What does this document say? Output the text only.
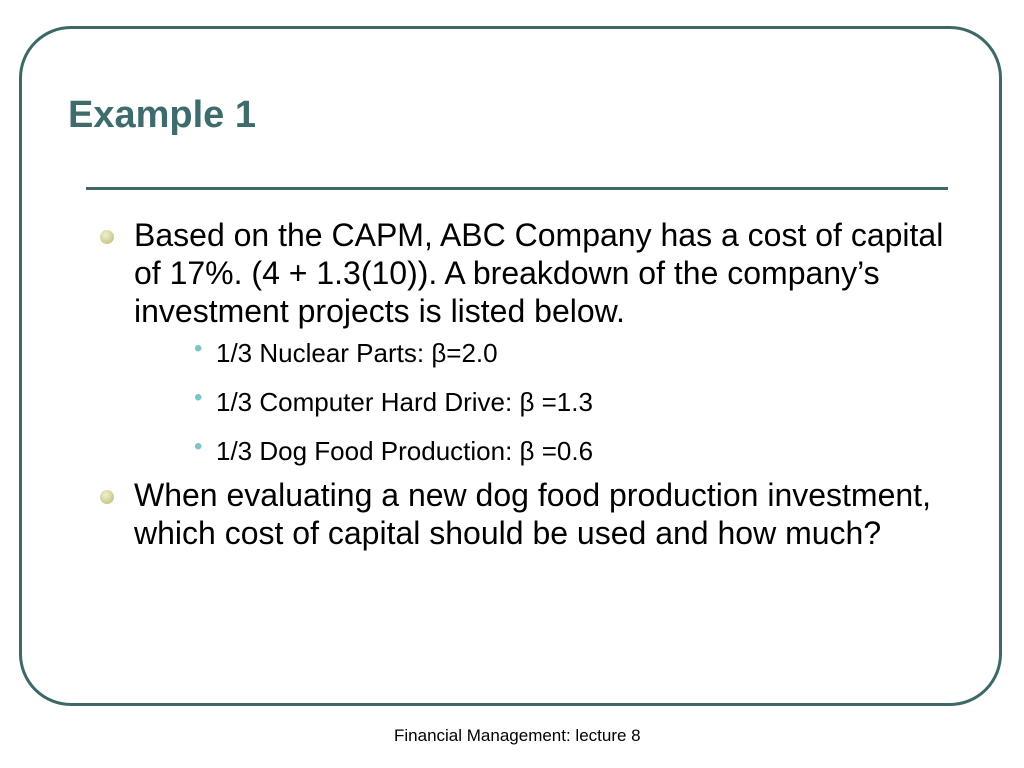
Example 1
Based on the CAPM, ABC Company has a cost of capital of 17%. (4 + 1.3(10)). A breakdown of the company’s investment projects is listed below.
• 1/3 Nuclear Parts: β=2.0
• 1/3 Computer Hard Drive: β =1.3
• 1/3 Dog Food Production: β =0.6
When evaluating a new dog food production investment, which cost of capital should be used and how much?
Financial Management: lecture 8
